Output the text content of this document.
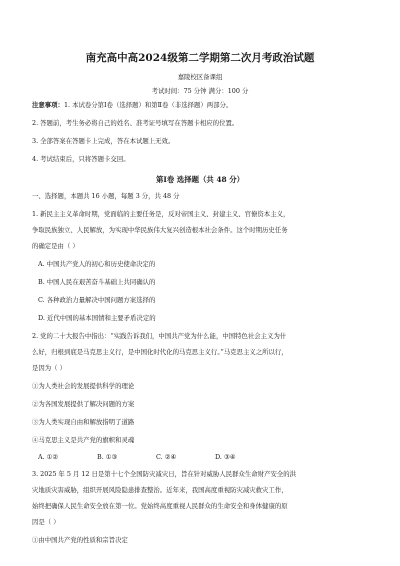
南充高中高2024级第二学期第二次月考政治试题
嘉陵校区备课组
考试时间：75 分钟 满分：100 分
注意事项：1. 本试卷分第Ⅰ卷（选择题）和第Ⅱ卷（非选择题）两部分。
2. 答题前，考生务必将自己的姓名、准考证号填写在答题卡相应的位置。
3. 全部答案在答题卡上完成，答在本试题上无效。
4. 考试结束后，只将答题卡交回。
第Ⅰ卷 选择题（共 48 分）
一、选择题，本题共 16 小题，每题 3 分，共 48 分
1. 新民主主义革命时期，党面临的主要任务是，反对帝国主义、封建主义、官僚资本主义，
争取民族独立、人民解放，为实现中华民族伟大复兴创造根本社会条件。这个时期历史任务
的确定是由（ ）
A. 中国共产党人的初心和历史使命决定的
B. 中国人民在艰苦奋斗基础上共同确认的
C. 各种政治力量解决中国问题方案选择的
D. 近代中国的基本国情和主要矛盾决定的
2. 党的二十大报告中指出：“实践告诉我们，中国共产党为什么能，中国特色社会主义为什
么好，归根到底是马克思主义行，是中国化时代化的马克思主义行。”马克思主义之所以行，
是因为（ ）
①为人类社会的发展提供科学的理论
②为各国发展提供了解决问题的方案
③为人类实现自由和解放指明了道路
④马克思主义是共产党的旗帜和灵魂
A. ①②	B. ①③	C. ②④	D. ③④
3. 2025 年 5 月 12 日是第十七个全国防灾减灾日，旨在针对威胁人民群众生命财产安全的洪
灾地质灾害威胁，组织开展风险隐患排查整治。近年来，我国高度重视防灾减灾救灾工作，
始终把确保人民生命安全放在第一位。党始终高度重视人民群众的生命安全和身体健康的原
因是（ ）
①由中国共产党的性质和宗旨决定
